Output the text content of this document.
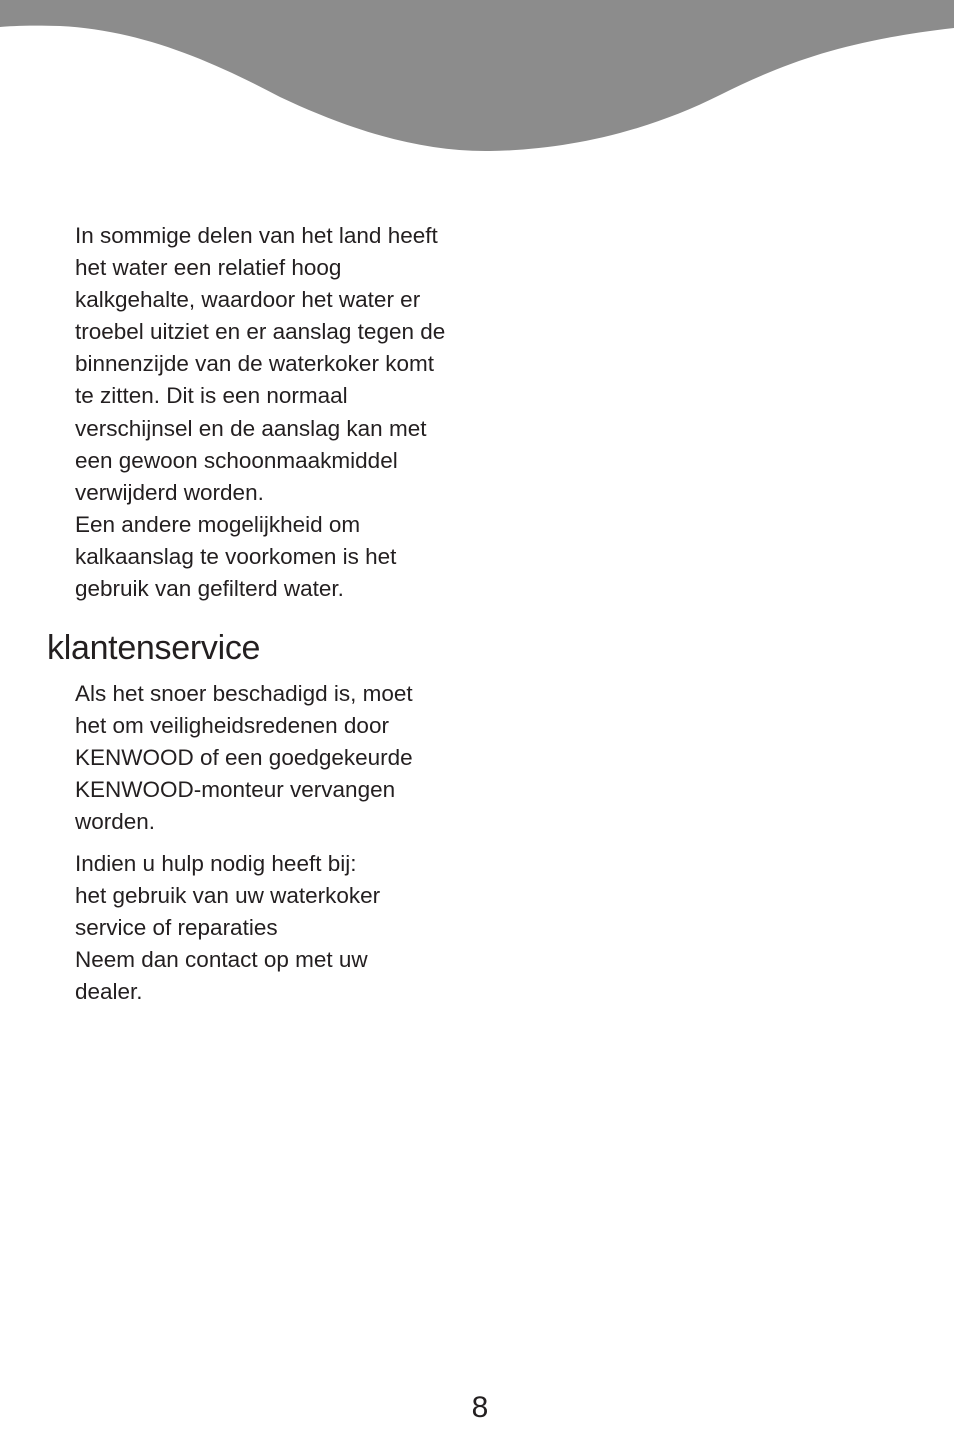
In sommige delen van het land heeft
het water een relatief hoog
kalkgehalte, waardoor het water er
troebel uitziet en er aanslag tegen de
binnenzijde van de waterkoker komt
te zitten. Dit is een normaal
verschijnsel en de aanslag kan met
een gewoon schoonmaakmiddel
verwijderd worden.
Een andere mogelijkheid om
kalkaanslag te voorkomen is het
gebruik van gefilterd water.

klantenservice

Als het snoer beschadigd is, moet
het om veiligheidsredenen door
KENWOOD of een goedgekeurde
KENWOOD-monteur vervangen
worden.

Indien u hulp nodig heeft bij:
het gebruik van uw waterkoker
service of reparaties
Neem dan contact op met uw
dealer.

8
